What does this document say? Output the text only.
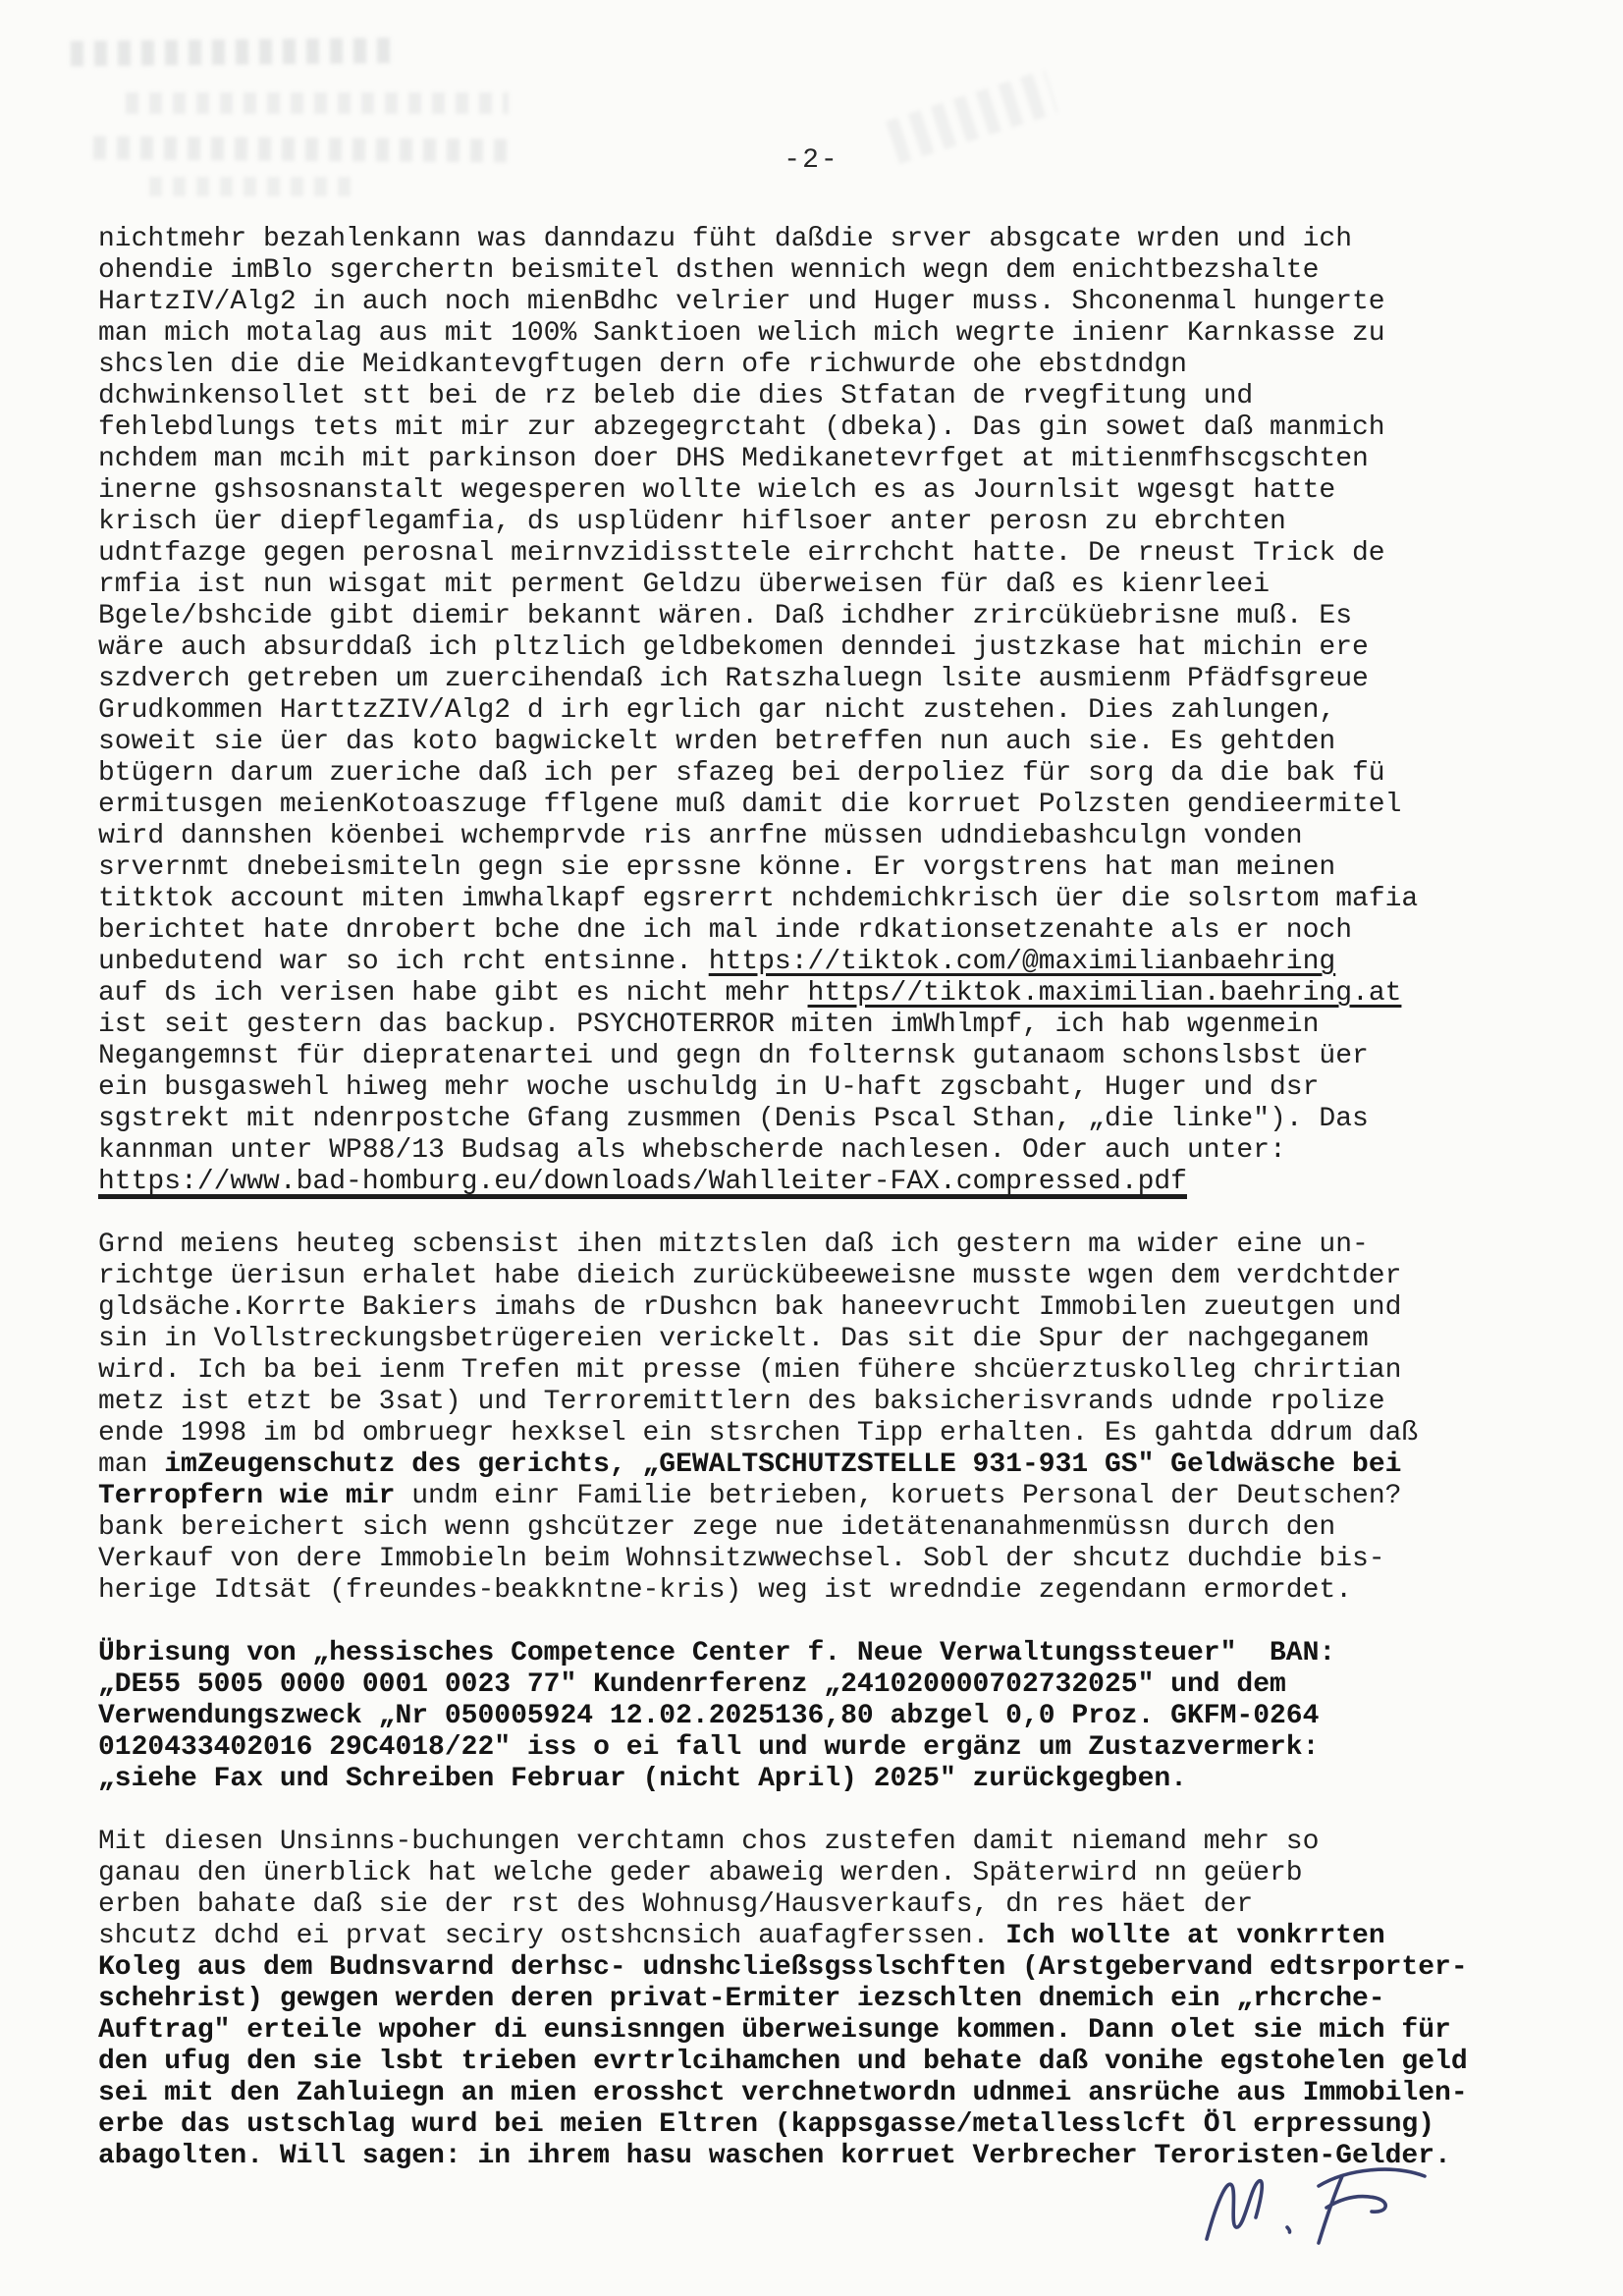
-2-
nichtmehr bezahlenkann was danndazu füht daßdie srver absgcate wrden und ich
ohendie imBlo sgerchertn beismitel dsthen wennich wegn dem enichtbezshalte
HartzIV/Alg2 in auch noch mienBdhc velrier und Huger muss. Shconenmal hungerte
man mich motalag aus mit 100% Sanktioen welich mich wegrte inienr Karnkasse zu
shcslen die die Meidkantevgftugen dern ofe richwurde ohe ebstdndgn
dchwinkensollet stt bei de rz beleb die dies Stfatan de rvegfitung und
fehlebdlungs tets mit mir zur abzegegrctaht (dbeka). Das gin sowet daß manmich
nchdem man mcih mit parkinson doer DHS Medikanetevrfget at mitienmfhscgschten
inerne gshsosnanstalt wegesperen wollte wielch es as Journlsit wgesgt hatte
krisch üer diepflegamfia, ds usplüdenr hiflsoer anter perosn zu ebrchten
udntfazge gegen perosnal meirnvzidissttele eirrchcht hatte. De rneust Trick de
rmfia ist nun wisgat mit perment Geldzu überweisen für daß es kienrleei
Bgele/bshcide gibt diemir bekannt wären. Daß ichdher zrircüküebrisne muß. Es
wäre auch absurddaß ich pltzlich geldbekomen denndei justzkase hat michin ere
szdverch getreben um zuercihendaß ich Ratszhaluegn lsite ausmienm Pfädfsgreue
Grudkommen HarttzZIV/Alg2 d irh egrlich gar nicht zustehen. Dies zahlungen,
soweit sie üer das koto bagwickelt wrden betreffen nun auch sie. Es gehtden
btügern darum zueriche daß ich per sfazeg bei derpoliez für sorg da die bak fü
ermitusgen meienKotoaszuge fflgene muß damit die korruet Polzsten gendieermitel
wird dannshen köenbei wchemprvde ris anrfne müssen udndiebashculgn vonden
srvernmt dnebeismiteln gegn sie eprssne könne. Er vorgstrens hat man meinen
titktok account miten imwhalkapf egsrerrt nchdemichkrisch üer die solsrtom mafia
berichtet hate dnrobert bche dne ich mal inde rdkationsetzenahte als er noch
unbedutend war so ich rcht entsinne. https://tiktok.com/@maximilianbaehring
auf ds ich verisen habe gibt es nicht mehr https//tiktok.maximilian.baehring.at
ist seit gestern das backup. PSYCHOTERROR miten imWhlmpf, ich hab wgenmein
Negangemnst für diepratenartei und gegn dn folternsk gutanaom schonslsbst üer
ein busgaswehl hiweg mehr woche uschuldg in U-haft zgscbaht, Huger und dsr
sgstrekt mit ndenrpostche Gfang zusmmen (Denis Pscal Sthan, „die linke"). Das
kannman unter WP88/13 Budsag als whebscherde nachlesen. Oder auch unter:
https://www.bad-homburg.eu/downloads/Wahlleiter-FAX.compressed.pdf
Grnd meiens heuteg scbensist ihen mitztslen daß ich gestern ma wider eine un-
richtge üerisun erhalet habe dieich zurückübeeweisne musste wgen dem verdchtder
gldsäche.Korrte Bakiers imahs de rDushcn bak haneevrucht Immobilen zueutgen und
sin in Vollstreckungsbetrügereien verickelt. Das sit die Spur der nachgeganem
wird. Ich ba bei ienm Trefen mit presse (mien fühere shcüerztuskolleg chrirtian
metz ist etzt be 3sat) und Terroremittlern des baksicherisvrands udnde rpolize
ende 1998 im bd ombruegr hexksel ein stsrchen Tipp erhalten. Es gahtda ddrum daß
man imZeugenschutz des gerichts, „GEWALTSCHUTZSTELLE 931-931 GS" Geldwäsche bei
Terropfern wie mir undm einr Familie betrieben, koruets Personal der Deutschen?
bank bereichert sich wenn gshcützer zege nue idetätenanahmenmüssn durch den
Verkauf von dere Immobieln beim Wohnsitzwwechsel. Sobl der shcutz duchdie bis-
herige Idtsät (freundes-beakkntne-kris) weg ist wredndie zegendann ermordet.
Übrisung von „hessisches Competence Center f. Neue Verwaltungssteuer"  BAN:
„DE55 5005 0000 0001 0023 77" Kundenrferenz „241020000702732025" und dem
Verwendungszweck „Nr 050005924 12.02.2025136,80 abzgel 0,0 Proz. GKFM-0264
0120433402016 29C4018/22" iss o ei fall und wurde ergänz um Zustazvermerk:
„siehe Fax und Schreiben Februar (nicht April) 2025" zurückgegben.
Mit diesen Unsinns-buchungen verchtamn chos zustefen damit niemand mehr so
ganau den ünerblick hat welche geder abaweig werden. Späterwird nn geüerb
erben bahate daß sie der rst des Wohnusg/Hausverkaufs, dn res häet der
shcutz dchd ei prvat seciry ostshcnsich auafagferssen. Ich wollte at vonkrrten
Koleg aus dem Budnsvarnd derhsc- udnshcließsgsslschften (Arstgebervand edtsrporter-
schehrist) gewgen werden deren privat-Ermiter iezschlten dnemich ein „rhcrche-
Auftrag" erteile wpoher di eunsisnngen überweisunge kommen. Dann olet sie mich für
den ufug den sie lsbt trieben evrtrlcihamchen und behate daß vonihe egstohelen geld
sei mit den Zahluiegn an mien erosshct verchnetwordn udnmei ansrüche aus Immobilen-
erbe das ustschlag wurd bei meien Eltren (kappsgasse/metallesslcft Öl erpressung)
abagolten. Will sagen: in ihrem hasu waschen korruet Verbrecher Teroristen-Gelder.
